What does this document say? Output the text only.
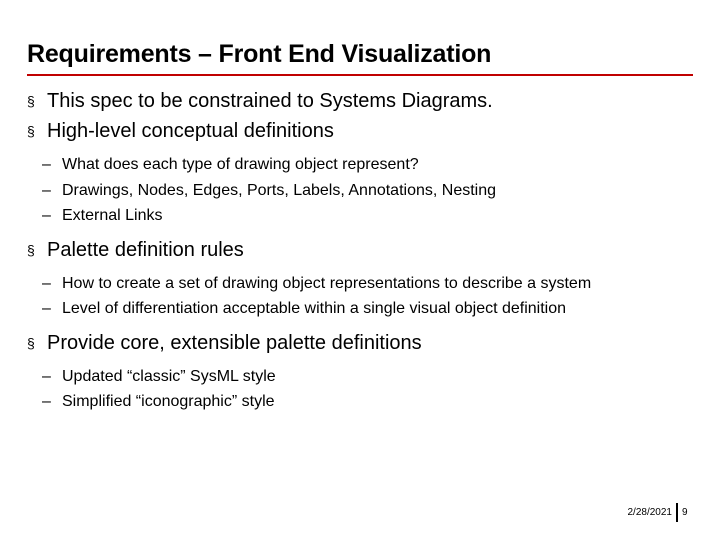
Requirements – Front End Visualization
§ This spec to be constrained to Systems Diagrams.
§ High-level conceptual definitions
– What does each type of drawing object represent?
– Drawings, Nodes, Edges, Ports, Labels, Annotations, Nesting
– External Links
§ Palette definition rules
– How to create a set of drawing object representations to describe a system
– Level of differentiation acceptable within a single visual object definition
§ Provide core, extensible palette definitions
– Updated “classic” SysML style
– Simplified “iconographic” style
2/28/2021 9
